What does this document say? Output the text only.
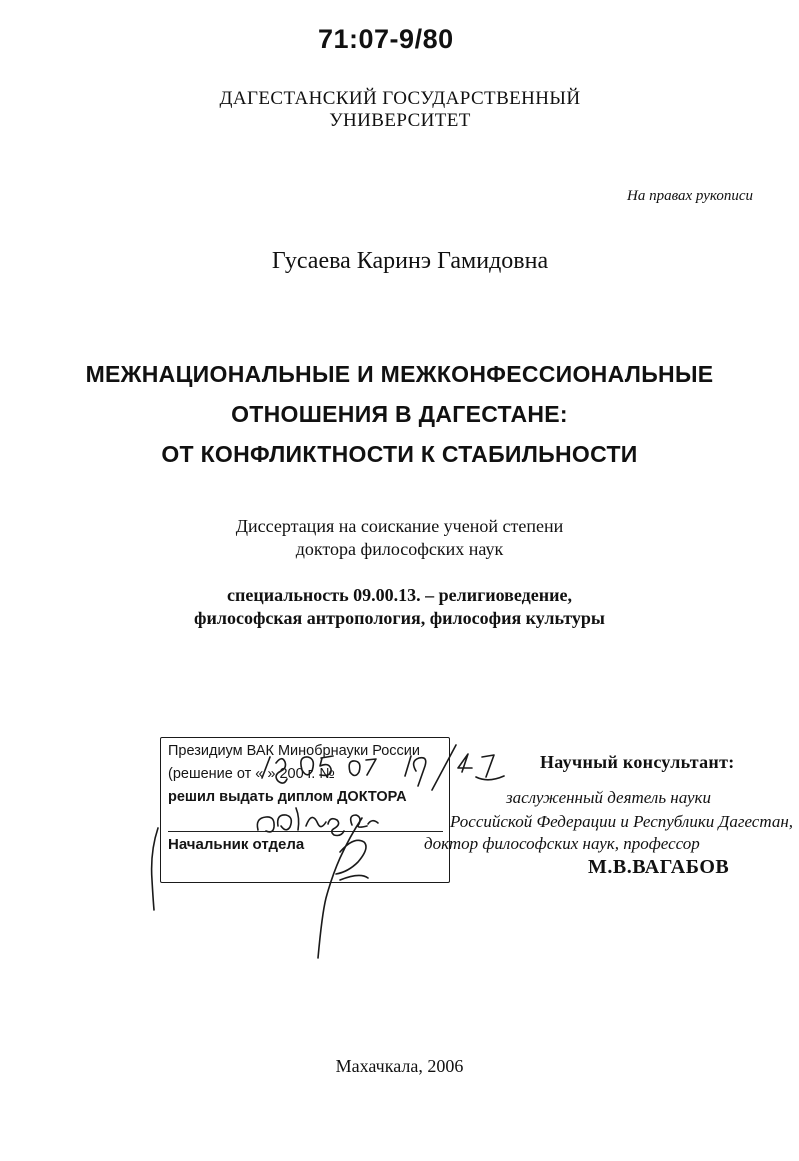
71:07-9/80
ДАГЕСТАНСКИЙ ГОСУДАРСТВЕННЫЙ УНИВЕРСИТЕТ
На правах рукописи
Гусаева Каринэ Гамидовна
МЕЖНАЦИОНАЛЬНЫЕ И МЕЖКОНФЕССИОНАЛЬНЫЕ
ОТНОШЕНИЯ В ДАГЕСТАНЕ:
ОТ КОНФЛИКТНОСТИ К СТАБИЛЬНОСТИ
Диссертация на соискание ученой степени
доктора философских наук
специальность 09.00.13. – религиоведение,
философская антропология, философия культуры
Президиум ВАК Минобрнауки России
(решение от « » 200 г. №
решил выдать диплом ДОКТОРА
Начальник отдела
Научный консультант:
заслуженный деятель науки
Российской Федерации и Республики Дагестан,
доктор философских наук, профессор
М.В.ВАГАБОВ
Махачкала, 2006
